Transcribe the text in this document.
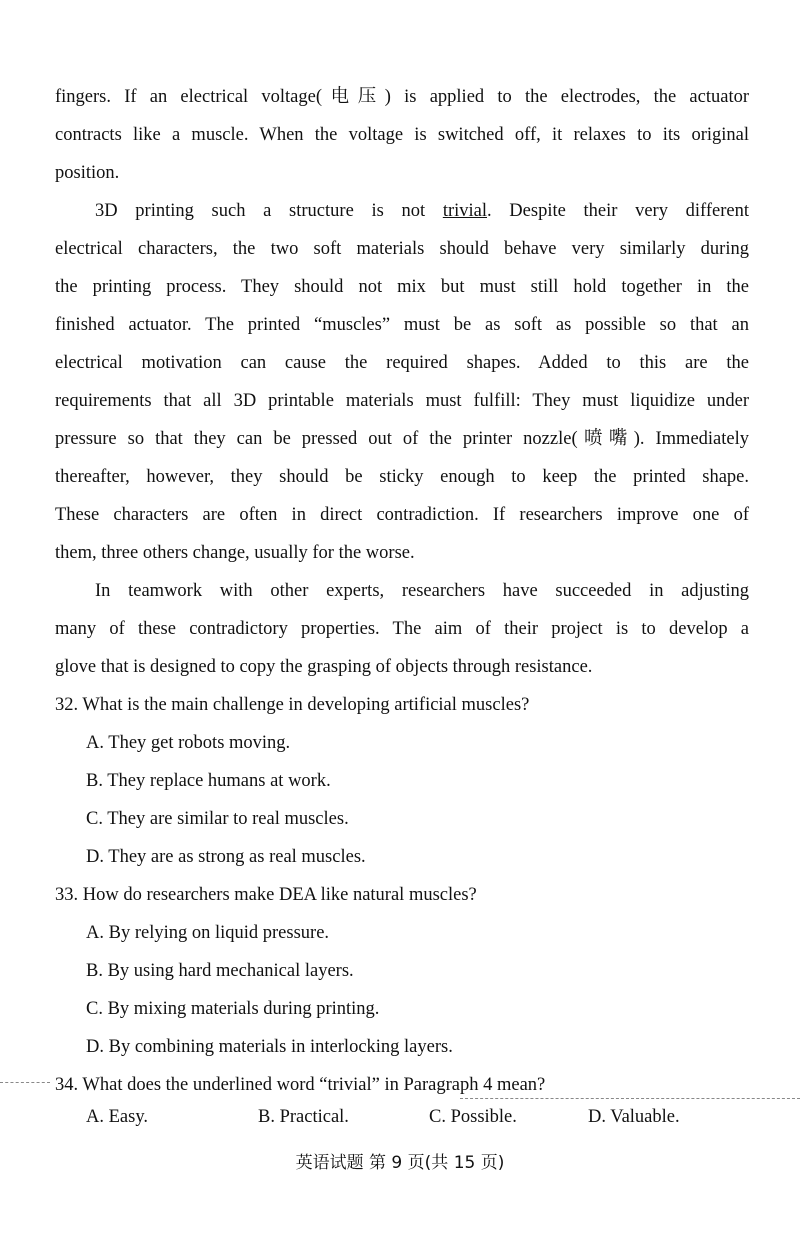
fingers. If an electrical voltage(电压) is applied to the electrodes, the actuator
contracts like a muscle. When the voltage is switched off, it relaxes to its original
position.
3D printing such a structure is not trivial. Despite their very different
electrical characters, the two soft materials should behave very similarly during
the printing process. They should not mix but must still hold together in the
finished actuator. The printed “muscles” must be as soft as possible so that an
electrical motivation can cause the required shapes. Added to this are the
requirements that all 3D printable materials must fulfill: They must liquidize under
pressure so that they can be pressed out of the printer nozzle(喷嘴). Immediately
thereafter, however, they should be sticky enough to keep the printed shape.
These characters are often in direct contradiction. If researchers improve one of
them, three others change, usually for the worse.
In teamwork with other experts, researchers have succeeded in adjusting
many of these contradictory properties. The aim of their project is to develop a
glove that is designed to copy the grasping of objects through resistance.
32. What is the main challenge in developing artificial muscles?
A. They get robots moving.
B. They replace humans at work.
C. They are similar to real muscles.
D. They are as strong as real muscles.
33. How do researchers make DEA like natural muscles?
A. By relying on liquid pressure.
B. By using hard mechanical layers.
C. By mixing materials during printing.
D. By combining materials in interlocking layers.
34. What does the underlined word “trivial” in Paragraph 4 mean?
A. Easy.	B. Practical.	C. Possible.	D. Valuable.
英语试题 第 9 页(共 15 页)
